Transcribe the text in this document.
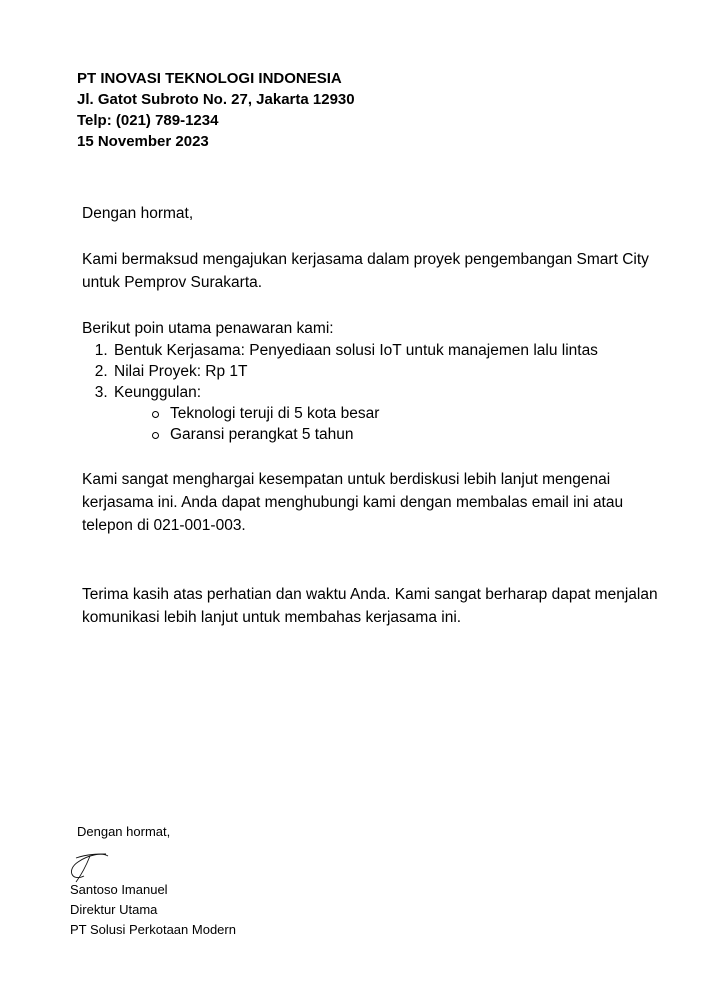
PT INOVASI TEKNOLOGI INDONESIA
Jl. Gatot Subroto No. 27, Jakarta 12930
Telp: (021) 789-1234
15 November 2023

Dengan hormat,

Kami bermaksud mengajukan kerjasama dalam proyek pengembangan Smart City untuk Pemprov Surakarta.

Berikut poin utama penawaran kami:

1. Bentuk Kerjasama: Penyediaan solusi IoT untuk manajemen lalu lintas
2. Nilai Proyek: Rp 1T
3. Keunggulan:
Teknologi teruji di 5 kota besar
Garansi perangkat 5 tahun

Kami sangat menghargai kesempatan untuk berdiskusi lebih lanjut mengenai kerjasama ini. Anda dapat menghubungi kami dengan membalas email ini atau telepon di 021-001-003.

Terima kasih atas perhatian dan waktu Anda. Kami sangat berharap dapat menjalan komunikasi lebih lanjut untuk membahas kerjasama ini.

Dengan hormat,
Santoso Imanuel
Direktur Utama
PT Solusi Perkotaan Modern
